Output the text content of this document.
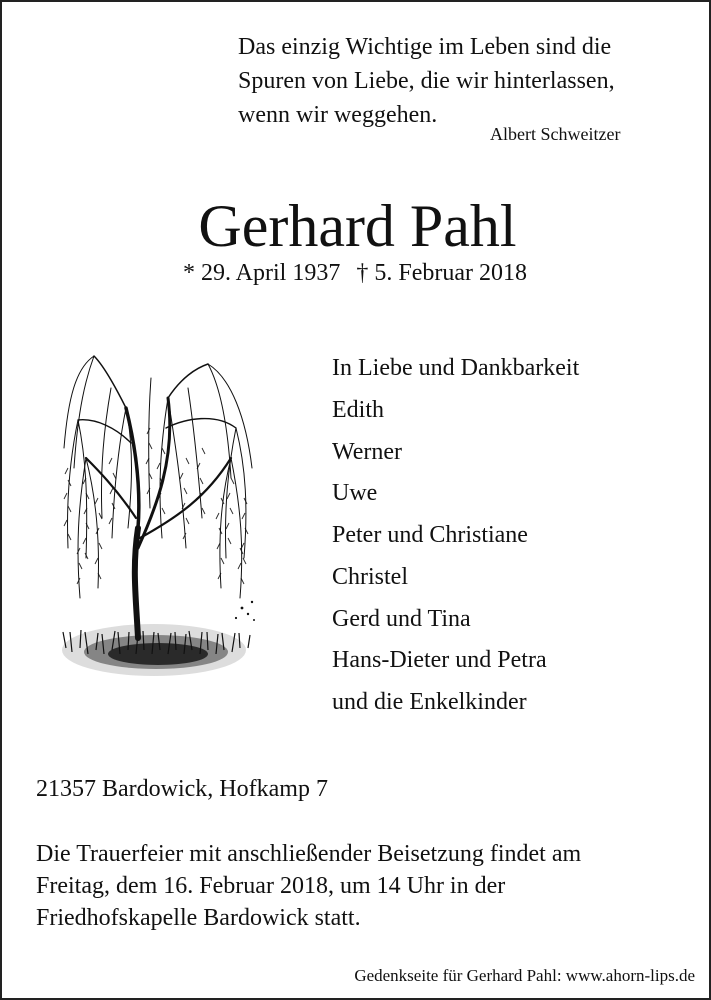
Das einzig Wichtige im Leben sind die
Spuren von Liebe, die wir hinterlassen,
wenn wir weggehen.
Albert Schweitzer
Gerhard Pahl
* 29. April 1937 † 5. Februar 2018
In Liebe und Dankbarkeit
Edith
Werner
Uwe
Peter und Christiane
Christel
Gerd und Tina
Hans-Dieter und Petra
und die Enkelkinder
21357 Bardowick, Hofkamp 7
Die Trauerfeier mit anschließender Beisetzung findet am
Freitag, dem 16. Februar 2018, um 14 Uhr in der
Friedhofskapelle Bardowick statt.
Gedenkseite für Gerhard Pahl: www.ahorn-lips.de
